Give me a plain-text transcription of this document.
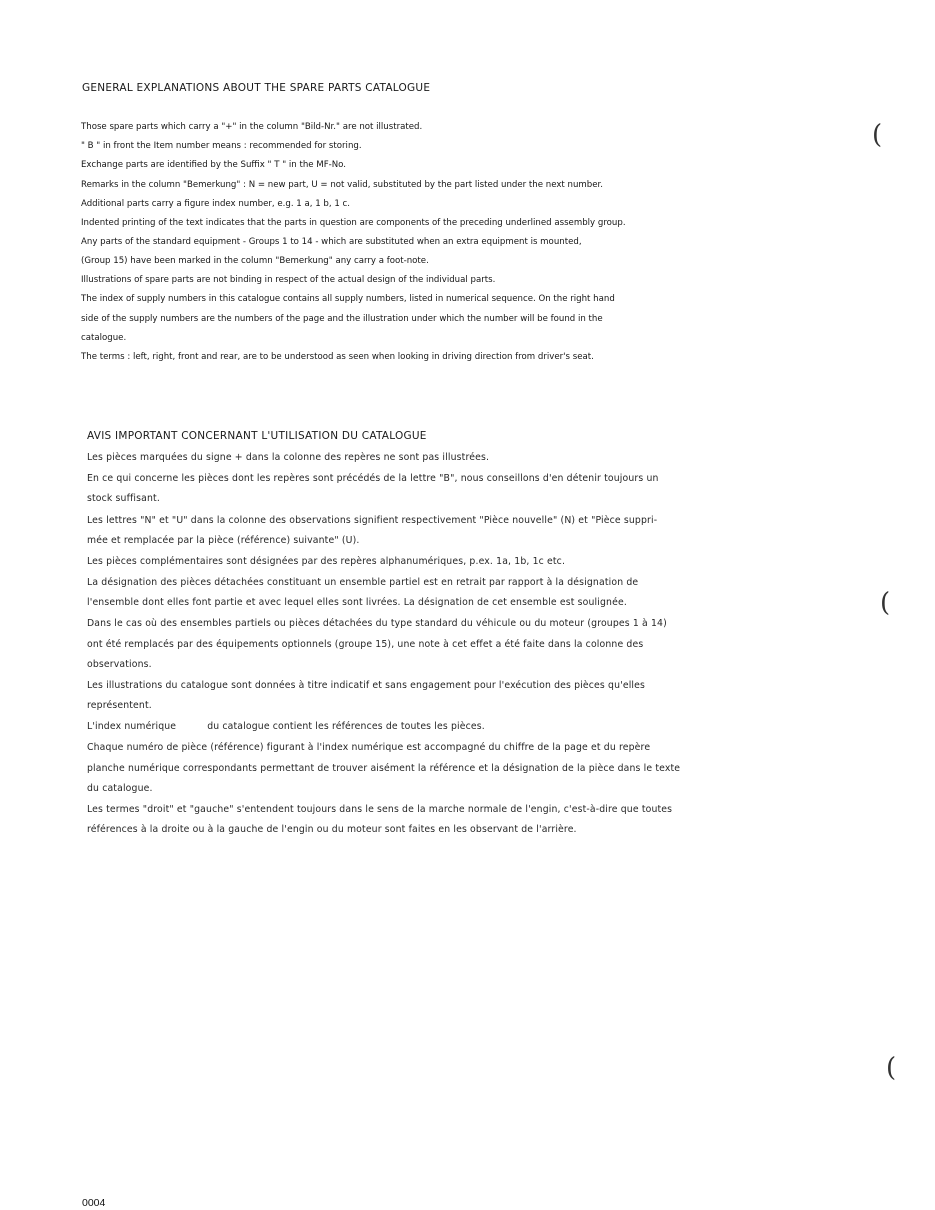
GENERAL EXPLANATIONS ABOUT THE SPARE PARTS CATALOGUE
Those spare parts which carry a "+" in the column "Bild-Nr." are not illustrated.
" B " in front the Item number means : recommended for storing.
Exchange parts are identified by the Suffix " T " in the MF-No.
Remarks in the column "Bemerkung" : N = new part, U = not valid, substituted by the part listed under the next number.
Additional parts carry a figure index number, e.g. 1 a, 1 b, 1 c.
Indented printing of the text indicates that the parts in question are components of the preceding underlined assembly group.
Any parts of the standard equipment - Groups 1 to 14 - which are substituted when an extra equipment is mounted,
(Group 15) have been marked in the column "Bemerkung" any carry a foot-note.
Illustrations of spare parts are not binding in respect of the actual design of the individual parts.
The index of supply numbers in this catalogue contains all supply numbers, listed in numerical sequence. On the right hand
side of the supply numbers are the numbers of the page and the illustration under which the number will be found in the
catalogue.
The terms : left, right, front and rear, are to be understood as seen when looking in driving direction from driver's seat.
AVIS IMPORTANT CONCERNANT L'UTILISATION DU CATALOGUE
Les pièces marquées du signe + dans la colonne des repères ne sont pas illustrées.
En ce qui concerne les pièces dont les repères sont précédés de la lettre "B", nous conseillons d'en détenir toujours un
stock suffisant.
Les lettres "N" et "U" dans la colonne des observations signifient respectivement "Pièce nouvelle" (N) et "Pièce suppri-
mée et remplacée par la pièce (référence) suivante" (U).
Les pièces complémentaires sont désignées par des repères alphanumériques, p.ex. 1a, 1b, 1c etc.
La désignation des pièces détachées constituant un ensemble partiel est en retrait par rapport à la désignation de
l'ensemble dont elles font partie et avec lequel elles sont livrées. La désignation de cet ensemble est soulignée.
Dans le cas où des ensembles partiels ou pièces détachées du type standard du véhicule ou du moteur (groupes 1 à 14)
ont été remplacés par des équipements optionnels (groupe 15), une note à cet effet a été faite dans la colonne des
observations.
Les illustrations du catalogue sont données à titre indicatif et sans engagement pour l'exécution des pièces qu'elles
représentent.
L'index numérique          du catalogue contient les références de toutes les pièces.
Chaque numéro de pièce (référence) figurant à l'index numérique est accompagné du chiffre de la page et du repère
planche numérique correspondants permettant de trouver aisément la référence et la désignation de la pièce dans le texte
du catalogue.
Les termes "droit" et "gauche" s'entendent toujours dans le sens de la marche normale de l'engin, c'est-à-dire que toutes
références à la droite ou à la gauche de l'engin ou du moteur sont faites en les observant de l'arrière.
(
(
(
0004
